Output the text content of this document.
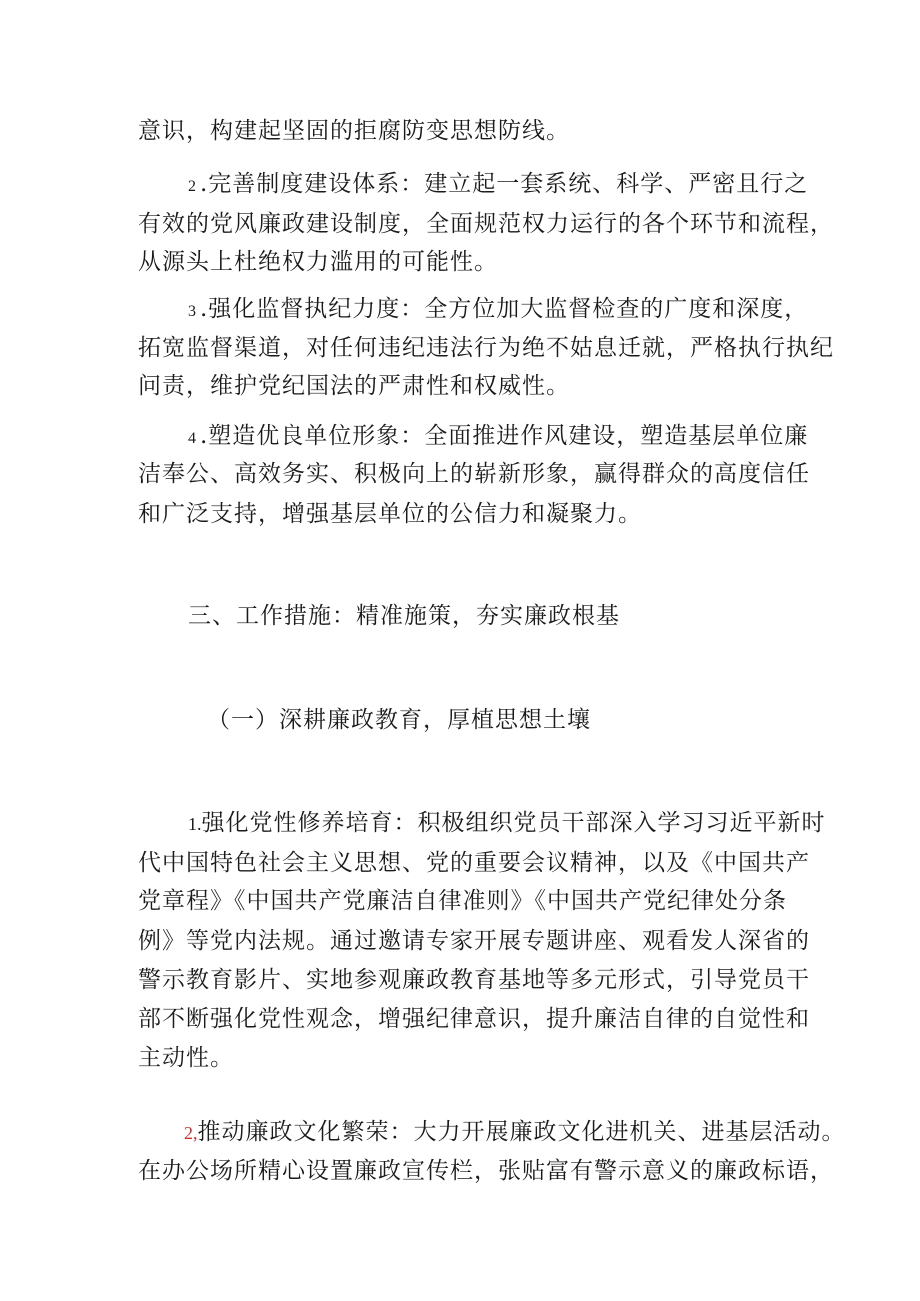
意识，构建起坚固的拒腐防变思想防线。
2 .完善制度建设体系：建立起一套系统、科学、严密且行之
有效的党风廉政建设制度，全面规范权力运行的各个环节和流程，
从源头上杜绝权力滥用的可能性。
3 .强化监督执纪力度：全方位加大监督检查的广度和深度，
拓宽监督渠道，对任何违纪违法行为绝不姑息迁就，严格执行执纪
问责，维护党纪国法的严肃性和权威性。
4 .塑造优良单位形象：全面推进作风建设，塑造基层单位廉
洁奉公、高效务实、积极向上的崭新形象，赢得群众的高度信任
和广泛支持，增强基层单位的公信力和凝聚力。
三、工作措施：精准施策，夯实廉政根基
（一）深耕廉政教育，厚植思想土壤
1.强化党性修养培育：积极组织党员干部深入学习习近平新时
代中国特色社会主义思想、党的重要会议精神，以及《中国共产
党章程》《中国共产党廉洁自律准则》《中国共产党纪律处分条
例》等党内法规。通过邀请专家开展专题讲座、观看发人深省的
警示教育影片、实地参观廉政教育基地等多元形式，引导党员干
部不断强化党性观念，增强纪律意识，提升廉洁自律的自觉性和
主动性。
2,推动廉政文化繁荣：大力开展廉政文化进机关、进基层活动。
在办公场所精心设置廉政宣传栏，张贴富有警示意义的廉政标语，
